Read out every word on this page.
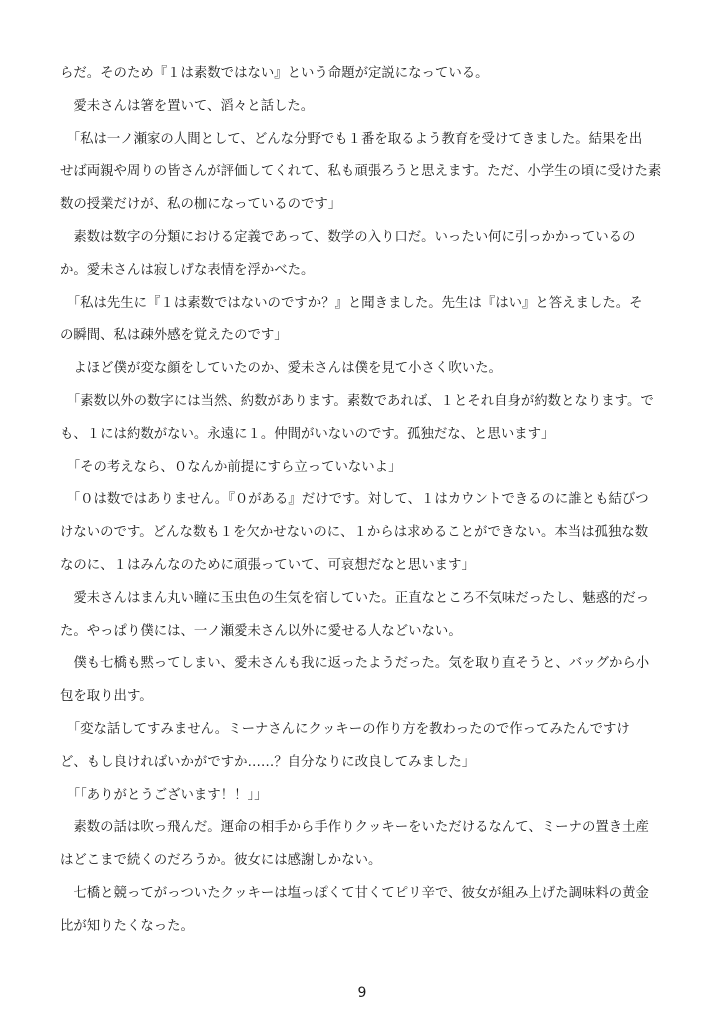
らだ。そのため『１は素数ではない』という命題が定説になっている。
　愛未さんは箸を置いて、滔々と話した。
　「私は一ノ瀬家の人間として、どんな分野でも１番を取るよう教育を受けてきました。結果を出
せば両親や周りの皆さんが評価してくれて、私も頑張ろうと思えます。ただ、小学生の頃に受けた素
数の授業だけが、私の枷になっているのです」
　素数は数字の分類における定義であって、数学の入り口だ。いったい何に引っかかっているの
か。愛未さんは寂しげな表情を浮かべた。
　「私は先生に『１は素数ではないのですか？』と聞きました。先生は『はい』と答えました。そ
の瞬間、私は疎外感を覚えたのです」
　よほど僕が変な顔をしていたのか、愛未さんは僕を見て小さく吹いた。
　「素数以外の数字には当然、約数があります。素数であれば、１とそれ自身が約数となります。で
も、１には約数がない。永遠に１。仲間がいないのです。孤独だな、と思います」
　「その考えなら、０なんか前提にすら立っていないよ」
　「０は数ではありません。『０がある』だけです。対して、１はカウントできるのに誰とも結びつ
けないのです。どんな数も１を欠かせないのに、１からは求めることができない。本当は孤独な数
なのに、１はみんなのために頑張っていて、可哀想だなと思います」
　愛未さんはまん丸い瞳に玉虫色の生気を宿していた。正直なところ不気味だったし、魅惑的だっ
た。やっぱり僕には、一ノ瀬愛未さん以外に愛せる人などいない。
　僕も七橋も黙ってしまい、愛未さんも我に返ったようだった。気を取り直そうと、バッグから小
包を取り出す。
　「変な話してすみません。ミーナさんにクッキーの作り方を教わったので作ってみたんですけ
ど、もし良ければいかがですか……？自分なりに改良してみました」
　「「ありがとうございます！！」」
　素数の話は吹っ飛んだ。運命の相手から手作りクッキーをいただけるなんて、ミーナの置き土産
はどこまで続くのだろうか。彼女には感謝しかない。
　七橋と競ってがっついたクッキーは塩っぽくて甘くてピリ辛で、彼女が組み上げた調味料の黄金
比が知りたくなった。
9
